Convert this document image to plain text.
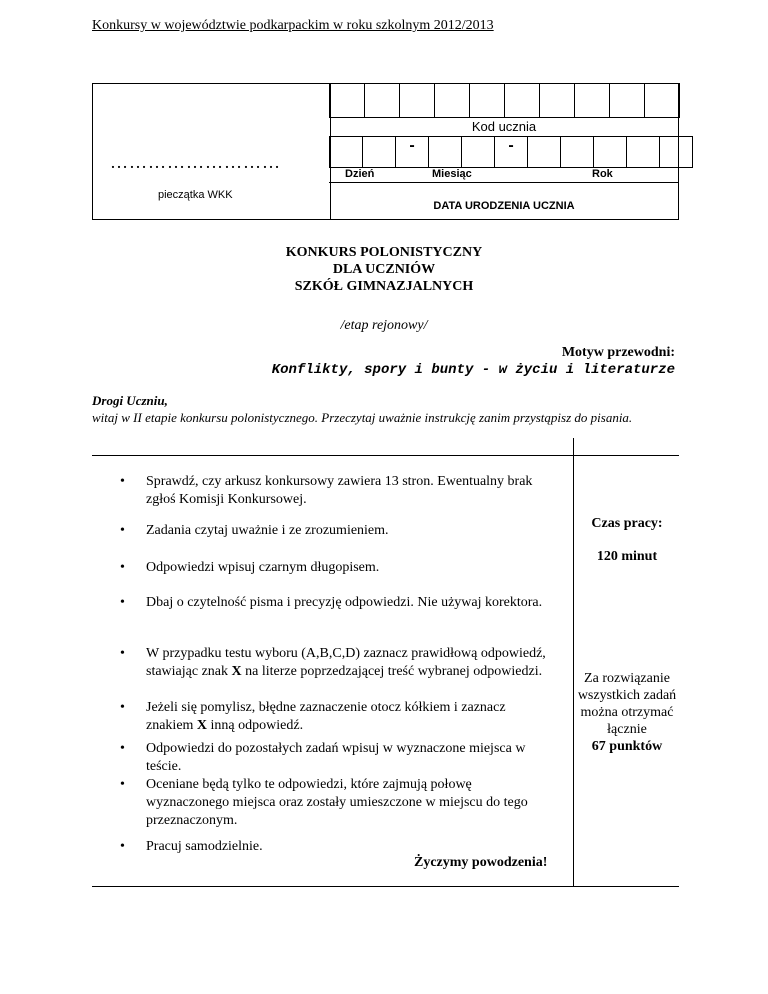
Konkursy w województwie podkarpackim w roku szkolnym 2012/2013
………………………
pieczątka WKK

Kod ucznia
		-			-					
Dzień	Miesiąc	Rok
DATA URODZENIA UCZNIA
KONKURS POLONISTYCZNY
DLA UCZNIÓW
SZKÓŁ GIMNAZJALNYCH
/etap rejonowy/
Motyw przewodni:
Konflikty, spory i bunty - w życiu i literaturze
Drogi Uczniu,
witaj w II etapie konkursu polonistycznego. Przeczytaj uważnie instrukcję zanim przystąpisz do pisania.
• Sprawdź, czy arkusz konkursowy zawiera 13 stron. Ewentualny brak zgłoś Komisji Konkursowej.
• Zadania czytaj uważnie i ze zrozumieniem.
• Odpowiedzi wpisuj czarnym długopisem.
• Dbaj o czytelność pisma i precyzję odpowiedzi. Nie używaj korektora.
• W przypadku testu wyboru (A,B,C,D) zaznacz prawidłową odpowiedź, stawiając znak X na literze poprzedzającej treść wybranej odpowiedzi.
• Jeżeli się pomylisz, błędne zaznaczenie otocz kółkiem i zaznacz znakiem X inną odpowiedź.
• Odpowiedzi do pozostałych zadań wpisuj w wyznaczone miejsca w teście.
• Oceniane będą tylko te odpowiedzi, które zajmują połowę wyznaczonego miejsca oraz zostały umieszczone w miejscu do tego przeznaczonym.
• Pracuj samodzielnie.
Życzymy powodzenia!
Czas pracy:
120 minut
Za rozwiązanie wszystkich zadań można otrzymać łącznie
67 punktów
